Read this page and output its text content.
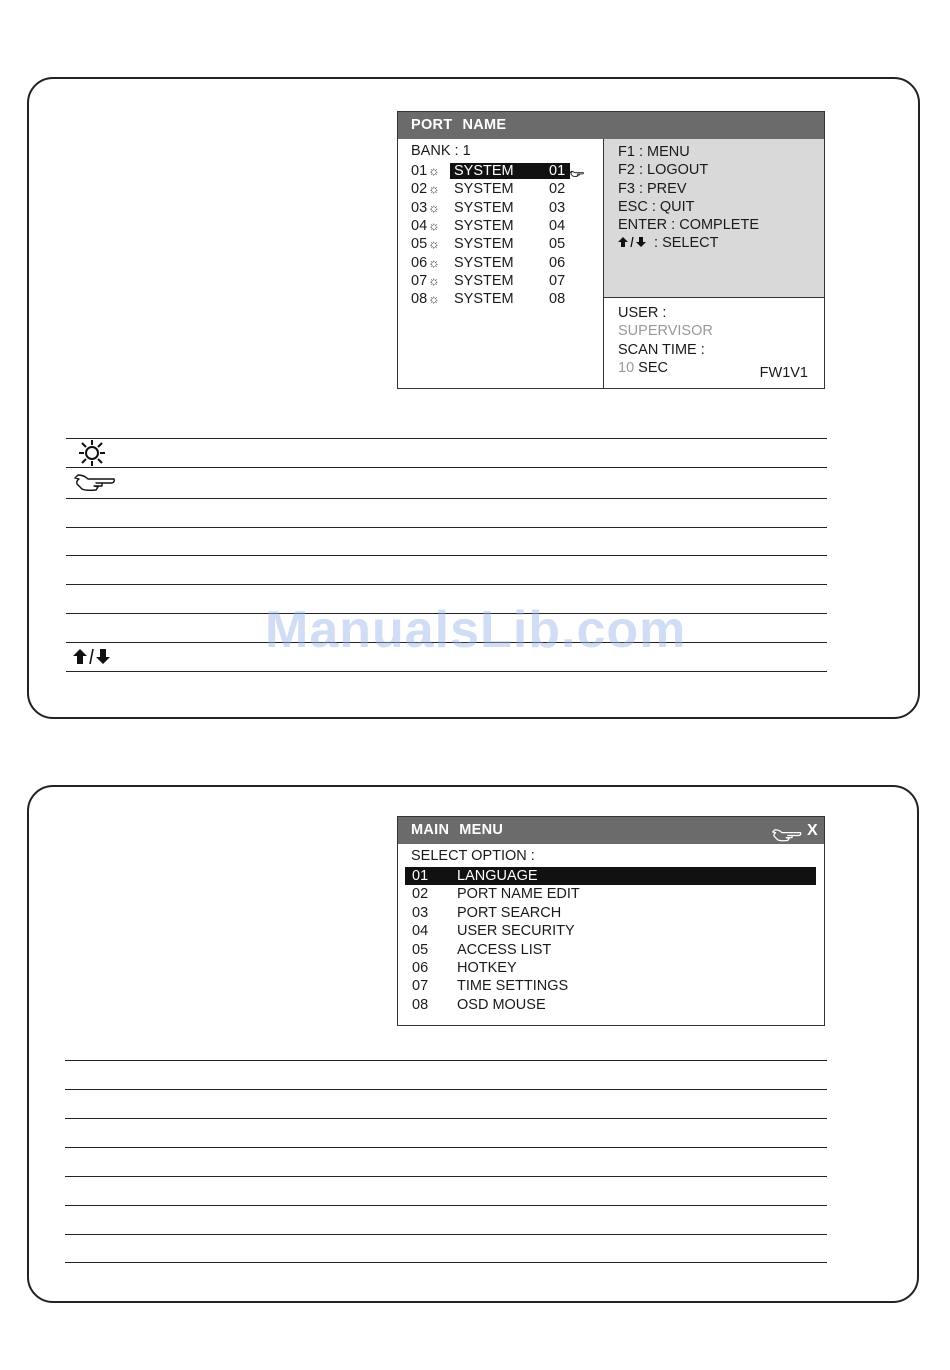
PORT NAME
BANK : 1
01 ☼ SYSTEM 01
02 ☼ SYSTEM 02
03 ☼ SYSTEM 03
04 ☼ SYSTEM 04
05 ☼ SYSTEM 05
06 ☼ SYSTEM 06
07 ☼ SYSTEM 07
08 ☼ SYSTEM 08
F1 : MENU
F2 : LOGOUT
F3 : PREV
ESC : QUIT
ENTER : COMPLETE
: SELECT
USER :
SUPERVISOR
SCAN TIME :
10 SEC	FW1V1
ManualsLib.com
MAIN MENU	X
SELECT OPTION :
01 LANGUAGE
02 PORT NAME EDIT
03 PORT SEARCH
04 USER SECURITY
05 ACCESS LIST
06 HOTKEY
07 TIME SETTINGS
08 OSD MOUSE
